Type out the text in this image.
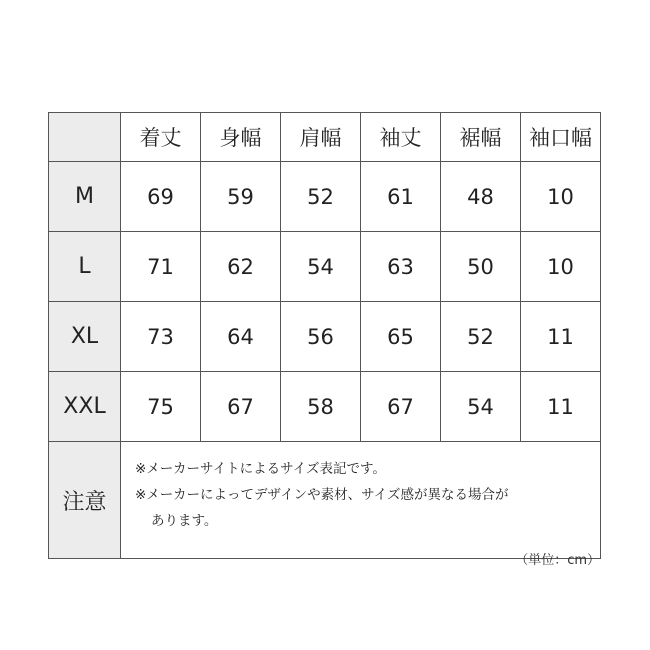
	着丈	身幅	肩幅	袖丈	裾幅	袖口幅
M	69	59	52	61	48	10
L	71	62	54	63	50	10
XL	73	64	56	65	52	11
XXL	75	67	58	67	54	11
注意	※メーカーサイトによるサイズ表記です。
※メーカーによってデザインや素材、サイズ感が異なる場合が
あります。					
（単位：cm）
